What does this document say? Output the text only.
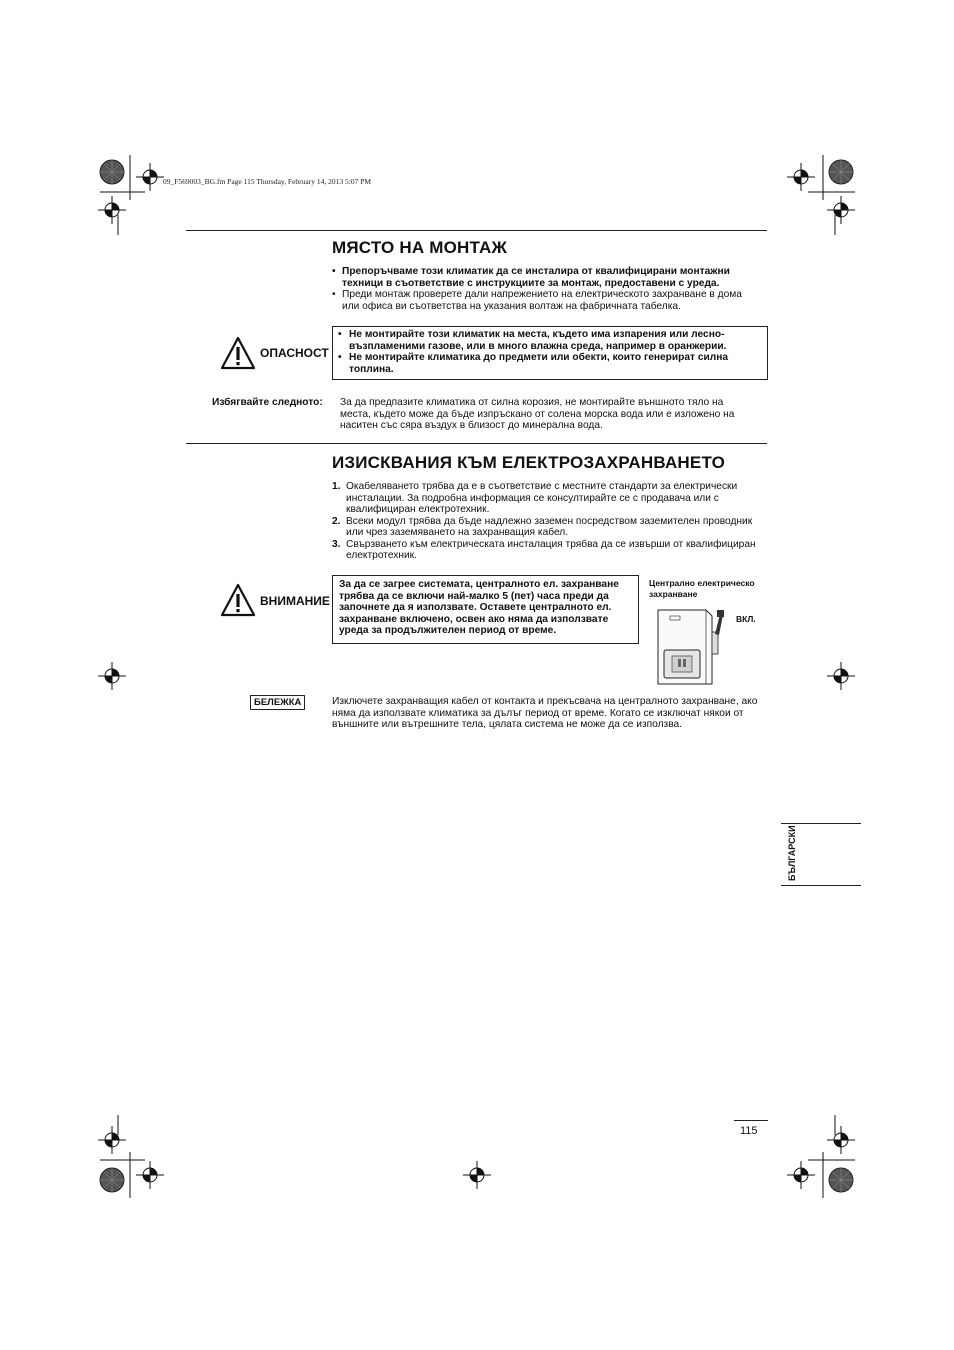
09_F569003_BG.fm Page 115 Thursday, February 14, 2013 5:07 PM
МЯСТО НА МОНТАЖ
• Препоръчваме този климатик да се инсталира от квалифицирани монтажни техници в съответствие с инструкциите за монтаж, предоставени с уреда.
• Преди монтаж проверете дали напрежението на електрическото захранване в дома или офиса ви съответства на указания волтаж на фабричната табелка.
ОПАСНОСТ
• Не монтирайте този климатик на места, където има изпарения или лесно-възпламеними газове, или в много влажна среда, например в оранжерии.
• Не монтирайте климатика до предмети или обекти, които генерират силна топлина.
Избягвайте следното: За да предпазите климатика от силна корозия, не монтирайте външното тяло на места, където може да бъде изпръскано от солена морска вода или е изложено на наситен със сяра въздух в близост до минерална вода.
ИЗИСКВАНИЯ КЪМ ЕЛЕКТРОЗАХРАНВАНЕТО
1. Окабеляването трябва да е в съответствие с местните стандарти за електрически инсталации. За подробна информация се консултирайте се с продавача или с квалифициран електротехник.
2. Всеки модул трябва да бъде надлежно заземен посредством заземителен проводник или чрез заземяването на захранващия кабел.
3. Свързването към електрическата инсталация трябва да се извърши от квалифициран електротехник.
ВНИМАНИЕ
За да се загрее системата, централното ел. захранване трябва да се включи най-малко 5 (пет) часа преди да започнете да я използвате. Оставете централното ел. захранване включено, освен ако няма да използвате уреда за продължителен период от време.
Централно електрическо захранване
ВКЛ.
БЕЛЕЖКА	Изключете захранващия кабел от контакта и прекъсвача на централното захранване, ако няма да използвате климатика за дълъг период от време. Когато се изключат някои от външните или вътрешните тела, цялата система не може да се използва.
БЪЛГАРСКИ
115
